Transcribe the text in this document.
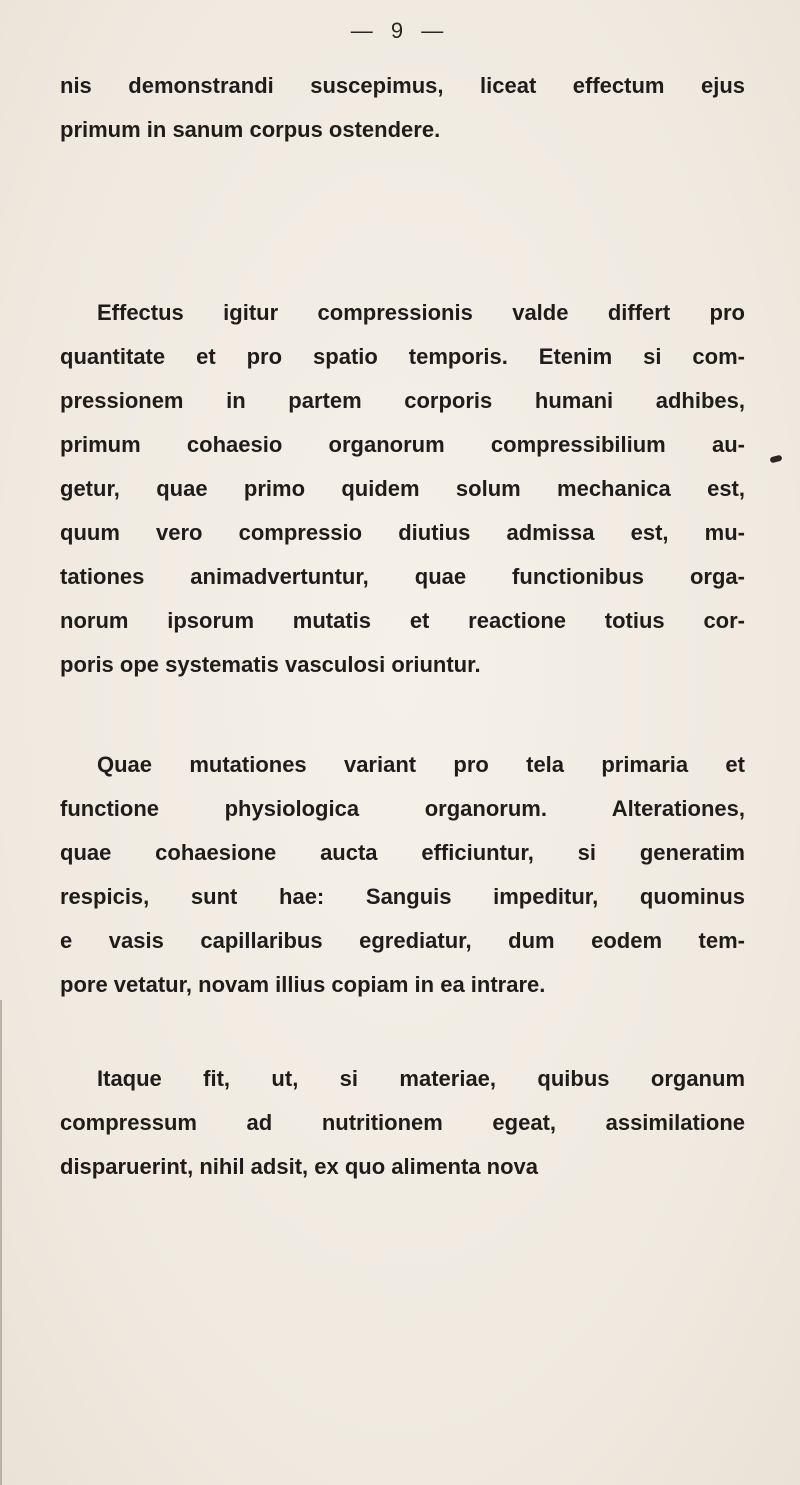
— 9 —
nis demonstrandi suscepimus, liceat effectum ejus
primum in sanum corpus ostendere.
Effectus igitur compressionis valde differt pro
quantitate et pro spatio temporis. Etenim si com-
pressionem in partem corporis humani adhibes,
primum cohaesio organorum compressibilium au-
getur, quae primo quidem solum mechanica est,
quum vero compressio diutius admissa est, mu-
tationes animadvertuntur, quae functionibus orga-
norum ipsorum mutatis et reactione totius cor-
poris ope systematis vasculosi oriuntur.
Quae mutationes variant pro tela primaria et
functione physiologica organorum. Alterationes,
quae cohaesione aucta efficiuntur, si generatim
respicis, sunt hae: Sanguis impeditur, quominus
e vasis capillaribus egrediatur, dum eodem tem-
pore vetatur, novam illius copiam in ea intrare.
Itaque fit, ut, si materiae, quibus organum
compressum ad nutritionem egeat, assimilatione
disparuerint, nihil adsit, ex quo alimenta nova
